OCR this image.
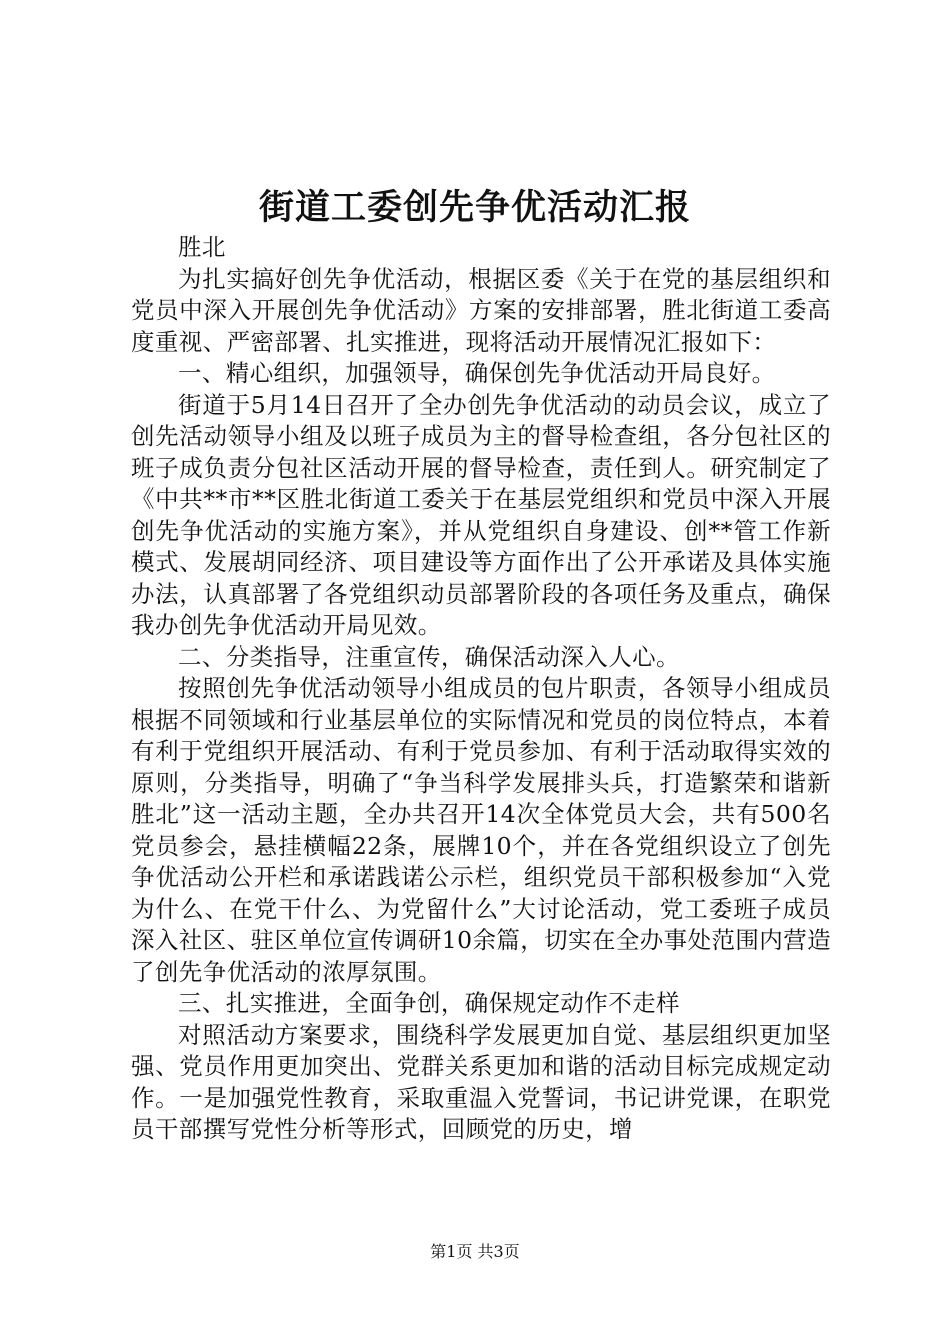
街道工委创先争优活动汇报

胜北

为扎实搞好创先争优活动，根据区委《关于在党的基层组织和党员中深入开展创先争优活动》方案的安排部署，胜北街道工委高度重视、严密部署、扎实推进，现将活动开展情况汇报如下：

一、精心组织，加强领导，确保创先争优活动开局良好。

街道于5月14日召开了全办创先争优活动的动员会议，成立了创先活动领导小组及以班子成员为主的督导检查组，各分包社区的班子成负责分包社区活动开展的督导检查，责任到人。研究制定了《中共**市**区胜北街道工委关于在基层党组织和党员中深入开展创先争优活动的实施方案》，并从党组织自身建设、创**管工作新模式、发展胡同经济、项目建设等方面作出了公开承诺及具体实施办法，认真部署了各党组织动员部署阶段的各项任务及重点，确保我办创先争优活动开局见效。

二、分类指导，注重宣传，确保活动深入人心。

按照创先争优活动领导小组成员的包片职责，各领导小组成员根据不同领域和行业基层单位的实际情况和党员的岗位特点，本着有利于党组织开展活动、有利于党员参加、有利于活动取得实效的原则，分类指导，明确了“争当科学发展排头兵，打造繁荣和谐新胜北”这一活动主题，全办共召开14次全体党员大会，共有500名党员参会，悬挂横幅22条，展牌10个，并在各党组织设立了创先争优活动公开栏和承诺践诺公示栏，组织党员干部积极参加“入党为什么、在党干什么、为党留什么”大讨论活动，党工委班子成员深入社区、驻区单位宣传调研10余篇，切实在全办事处范围内营造了创先争优活动的浓厚氛围。

三、扎实推进，全面争创，确保规定动作不走样

对照活动方案要求，围绕科学发展更加自觉、基层组织更加坚强、党员作用更加突出、党群关系更加和谐的活动目标完成规定动作。一是加强党性教育，采取重温入党誓词，书记讲党课，在职党员干部撰写党性分析等形式，回顾党的历史，增

第1页 共3页
